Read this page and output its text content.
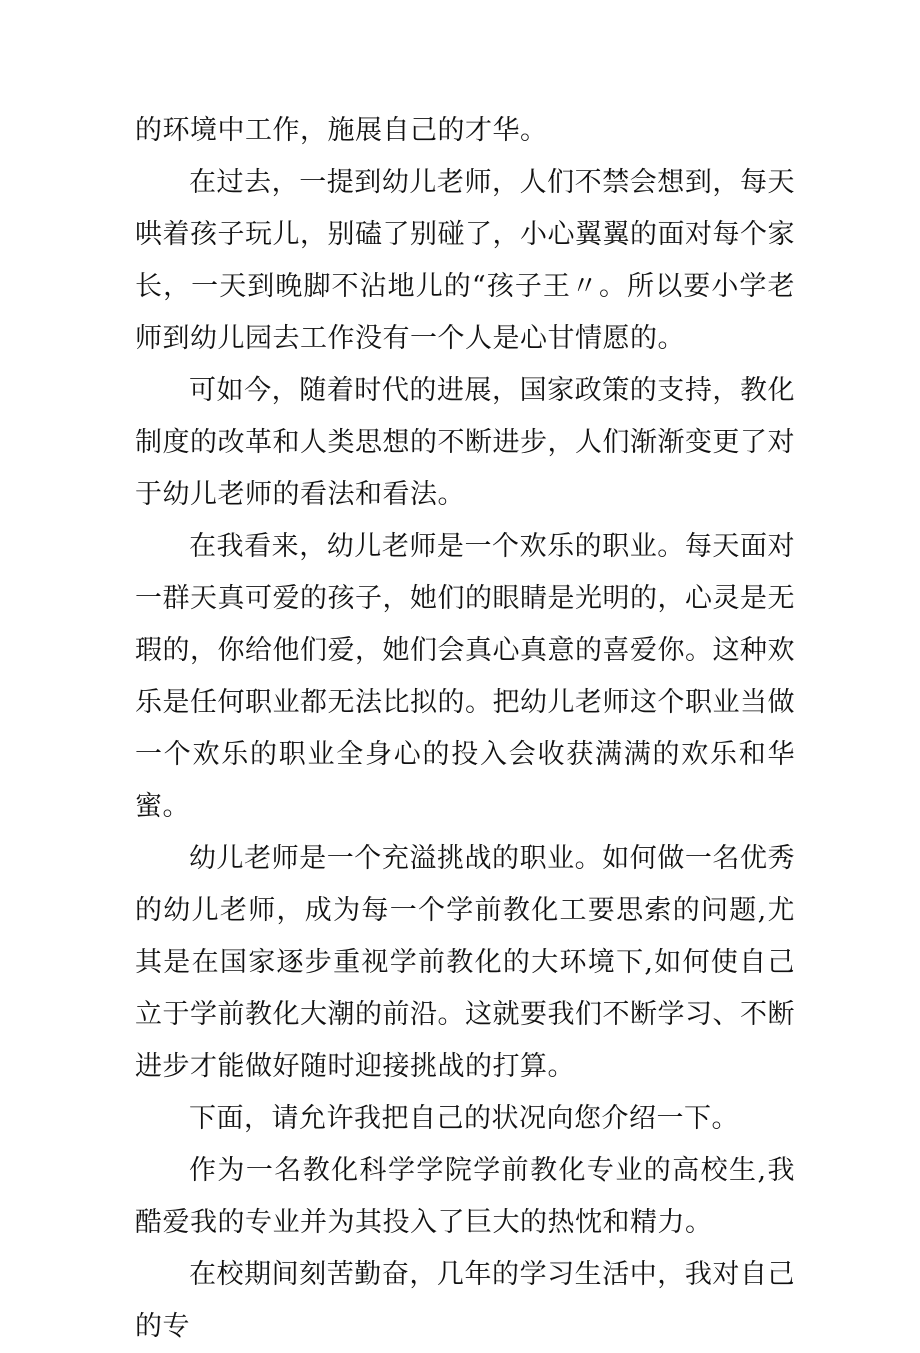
的环境中工作，施展自己的才华。

在过去，一提到幼儿老师，人们不禁会想到，每天哄着孩子玩儿，别磕了别碰了，小心翼翼的面对每个家长，一天到晚脚不沾地儿的“孩子王〃。所以要小学老师到幼儿园去工作没有一个人是心甘情愿的。

可如今，随着时代的进展，国家政策的支持，教化制度的改革和人类思想的不断进步，人们渐渐变更了对于幼儿老师的看法和看法。

在我看来，幼儿老师是一个欢乐的职业。每天面对一群天真可爱的孩子，她们的眼睛是光明的，心灵是无瑕的，你给他们爱，她们会真心真意的喜爱你。这种欢乐是任何职业都无法比拟的。把幼儿老师这个职业当做一个欢乐的职业全身心的投入会收获满满的欢乐和华蜜。

幼儿老师是一个充溢挑战的职业。如何做一名优秀的幼儿老师，成为每一个学前教化工要思索的问题,尤其是在国家逐步重视学前教化的大环境下,如何使自己立于学前教化大潮的前沿。这就要我们不断学习、不断进步才能做好随时迎接挑战的打算。

下面，请允许我把自己的状况向您介绍一下。

作为一名教化科学学院学前教化专业的高校生,我酷爱我的专业并为其投入了巨大的热忱和精力。

在校期间刻苦勤奋，几年的学习生活中，我对自己的专
